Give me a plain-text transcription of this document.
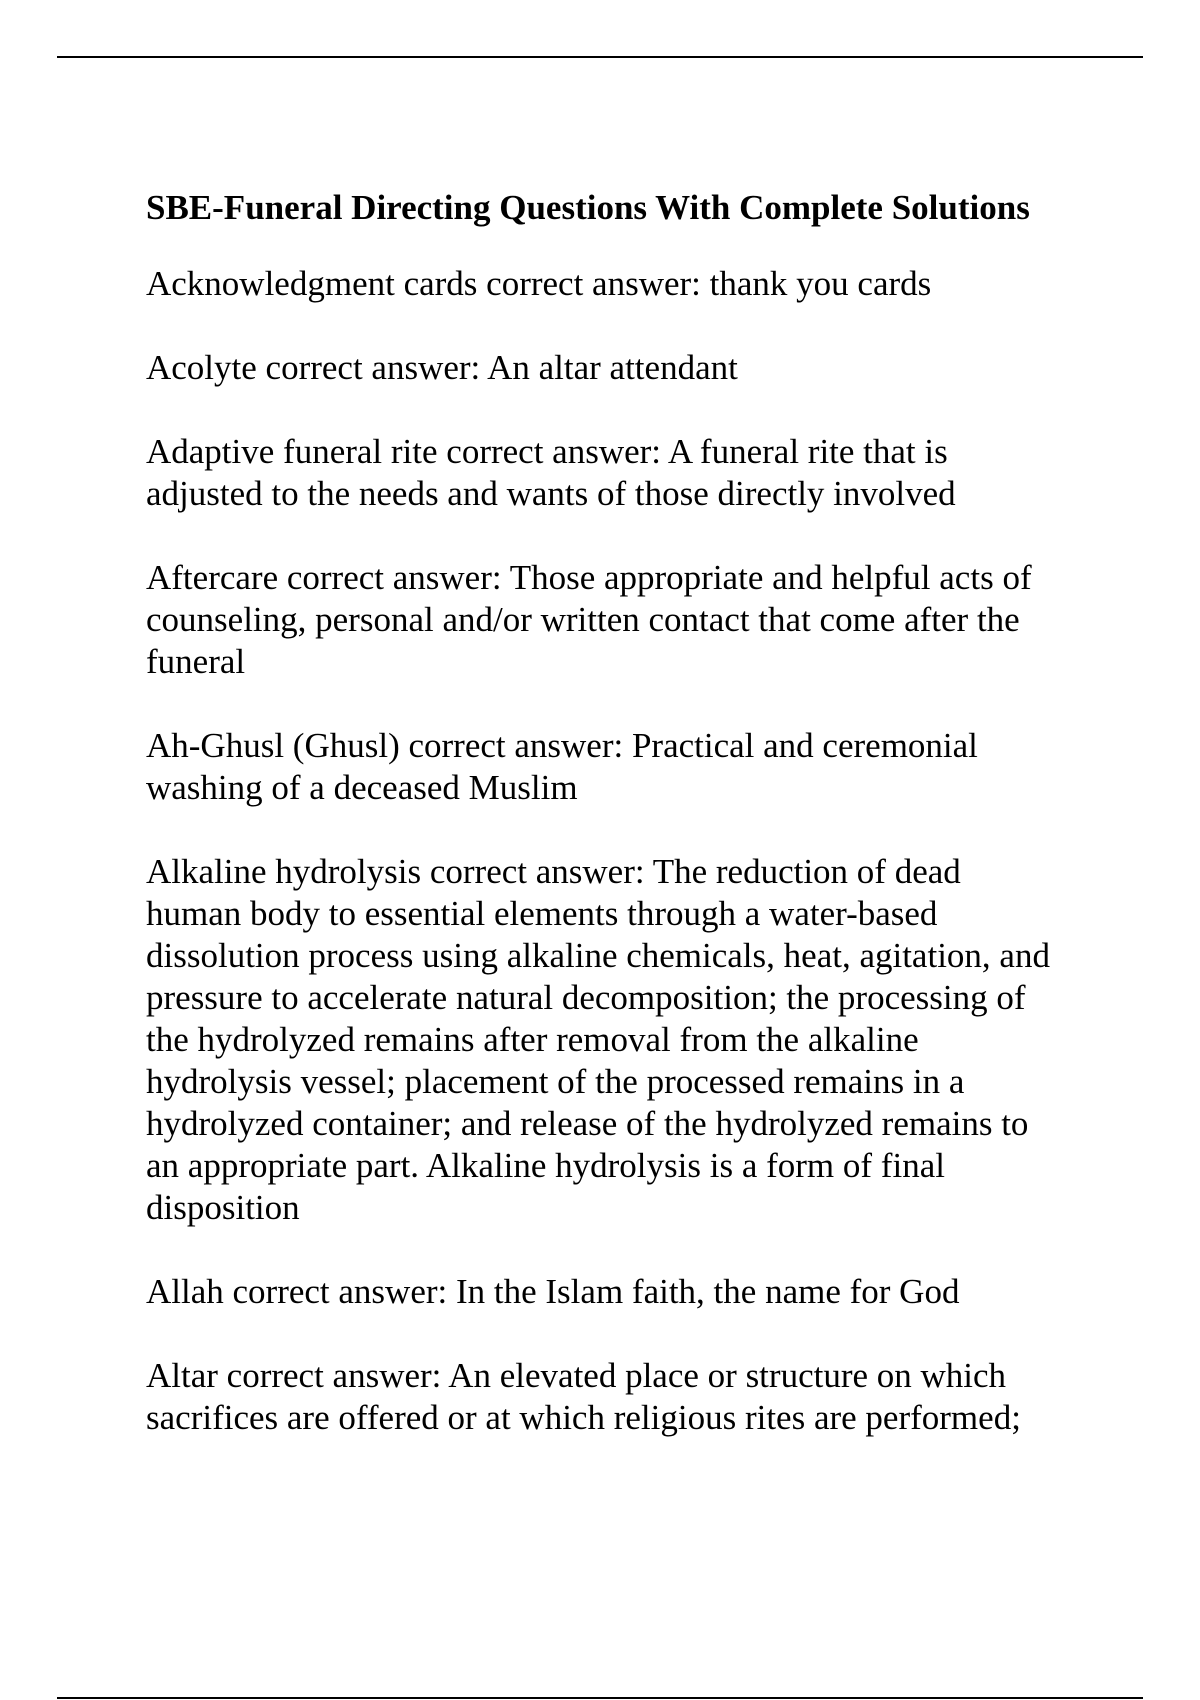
SBE-Funeral Directing Questions With Complete Solutions
Acknowledgment cards correct answer: thank you cards
Acolyte correct answer: An altar attendant
Adaptive funeral rite correct answer: A funeral rite that is
adjusted to the needs and wants of those directly involved
Aftercare correct answer: Those appropriate and helpful acts of
counseling, personal and/or written contact that come after the
funeral
Ah-Ghusl (Ghusl) correct answer: Practical and ceremonial
washing of a deceased Muslim
Alkaline hydrolysis correct answer: The reduction of dead
human body to essential elements through a water-based
dissolution process using alkaline chemicals, heat, agitation, and
pressure to accelerate natural decomposition; the processing of
the hydrolyzed remains after removal from the alkaline
hydrolysis vessel; placement of the processed remains in a
hydrolyzed container; and release of the hydrolyzed remains to
an appropriate part. Alkaline hydrolysis is a form of final
disposition
Allah correct answer: In the Islam faith, the name for God
Altar correct answer: An elevated place or structure on which
sacrifices are offered or at which religious rites are performed;
